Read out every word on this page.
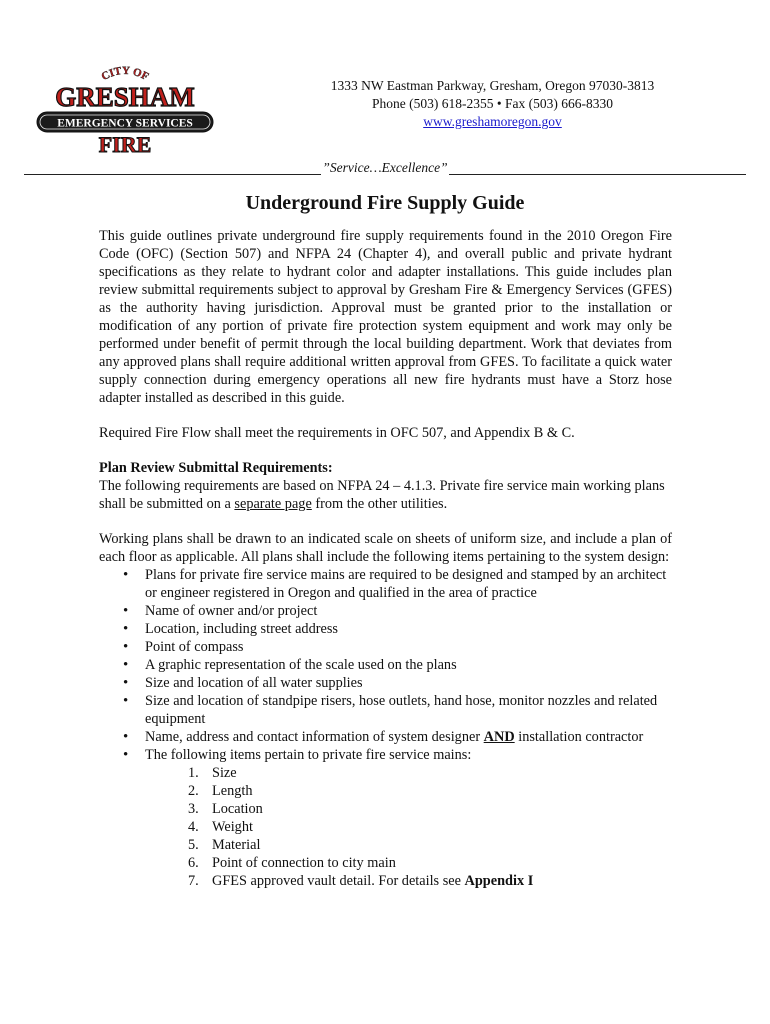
CITY OF
GRESHAM
EMERGENCY SERVICES
FIRE
1333 NW Eastman Parkway, Gresham, Oregon 97030-3813
Phone (503) 618-2355 • Fax (503) 666-8330
www.greshamoregon.gov
”Service…Excellence”
Underground Fire Supply Guide

This guide outlines private underground fire supply requirements found in the 2010 Oregon Fire Code (OFC) (Section 507) and NFPA 24 (Chapter 4), and overall public and private hydrant specifications as they relate to hydrant color and adapter installations. This guide includes plan review submittal requirements subject to approval by Gresham Fire & Emergency Services (GFES) as the authority having jurisdiction. Approval must be granted prior to the installation or modification of any portion of private fire protection system equipment and work may only be performed under benefit of permit through the local building department. Work that deviates from any approved plans shall require additional written approval from GFES. To facilitate a quick water supply connection during emergency operations all new fire hydrants must have a Storz hose adapter installed as described in this guide.

Required Fire Flow shall meet the requirements in OFC 507, and Appendix B & C.

Plan Review Submittal Requirements:

The following requirements are based on NFPA 24 – 4.1.3. Private fire service main working plans shall be submitted on a separate page from the other utilities.

Working plans shall be drawn to an indicated scale on sheets of uniform size, and include a plan of each floor as applicable. All plans shall include the following items pertaining to the system design:

• Plans for private fire service mains are required to be designed and stamped by an architect or engineer registered in Oregon and qualified in the area of practice
• Name of owner and/or project
• Location, including street address
• Point of compass
• A graphic representation of the scale used on the plans
• Size and location of all water supplies
• Size and location of standpipe risers, hose outlets, hand hose, monitor nozzles and related equipment
• Name, address and contact information of system designer AND installation contractor
• The following items pertain to private fire service mains:
1. Size
2. Length
3. Location
4. Weight
5. Material
6. Point of connection to city main
7. GFES approved vault detail. For details see Appendix I
